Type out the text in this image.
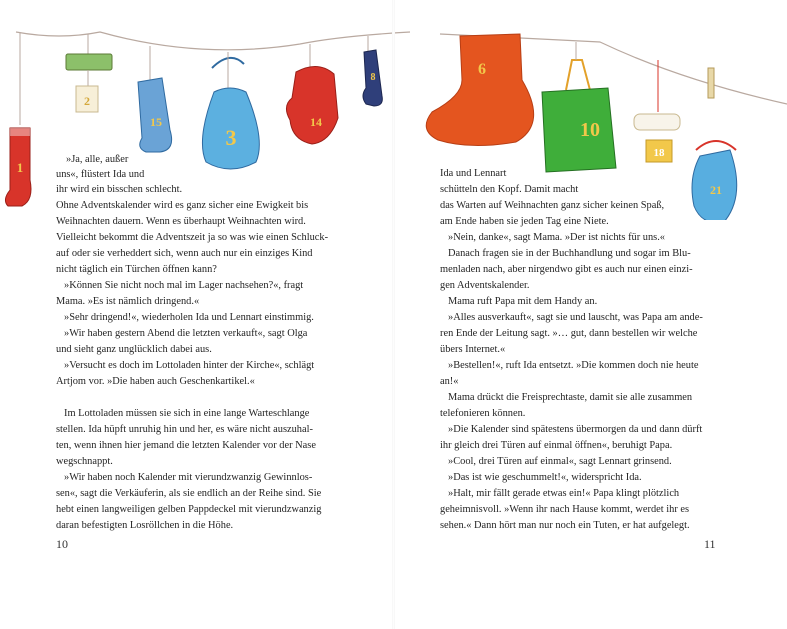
1
2
15
3
14
8	6
10
18
21
»Ja, alle, außer
uns«, flüstert Ida und
ihr wird ein bisschen schlecht.
Ohne Adventskalender wird es ganz sicher eine Ewigkeit bis
Weihnachten dauern. Wenn es überhaupt Weihnachten wird.
Vielleicht bekommt die Adventszeit ja so was wie einen Schluck-
auf oder sie verheddert sich, wenn auch nur ein einziges Kind
nicht täglich ein Türchen öffnen kann?
»Können Sie nicht noch mal im Lager nachsehen?«, fragt
Mama. »Es ist nämlich dringend.«
»Sehr dringend!«, wiederholen Ida und Lennart einstimmig.
»Wir haben gestern Abend die letzten verkauft«, sagt Olga
und sieht ganz unglücklich dabei aus.
»Versucht es doch im Lottoladen hinter der Kirche«, schlägt
Artjom vor. »Die haben auch Geschenkartikel.«
Im Lottoladen müssen sie sich in eine lange Warteschlange
stellen. Ida hüpft unruhig hin und her, es wäre nicht auszuhal-
ten, wenn ihnen hier jemand die letzten Kalender vor der Nase
wegschnappt.
»Wir haben noch Kalender mit vierundzwanzig Gewinnlos-
sen«, sagt die Verkäuferin, als sie endlich an der Reihe sind. Sie
hebt einen langweiligen gelben Pappdeckel mit vierundzwanzig
daran befestigten Losröllchen in die Höhe.
10
Ida und Lennart
schütteln den Kopf. Damit macht
das Warten auf Weihnachten ganz sicher keinen Spaß,
am Ende haben sie jeden Tag eine Niete.
»Nein, danke«, sagt Mama. »Der ist nichts für uns.«
Danach fragen sie in der Buchhandlung und sogar im Blu-
menladen nach, aber nirgendwo gibt es auch nur einen einzi-
gen Adventskalender.
Mama ruft Papa mit dem Handy an.
»Alles ausverkauft«, sagt sie und lauscht, was Papa am ande-
ren Ende der Leitung sagt. »… gut, dann bestellen wir welche
übers Internet.«
»Bestellen!«, ruft Ida entsetzt. »Die kommen doch nie heute
an!«
Mama drückt die Freisprechtaste, damit sie alle zusammen
telefonieren können.
»Die Kalender sind spätestens übermorgen da und dann dürft
ihr gleich drei Türen auf einmal öffnen«, beruhigt Papa.
»Cool, drei Türen auf einmal«, sagt Lennart grinsend.
»Das ist wie geschummelt!«, widerspricht Ida.
»Halt, mir fällt gerade etwas ein!« Papa klingt plötzlich
geheimnisvoll. »Wenn ihr nach Hause kommt, werdet ihr es
sehen.« Dann hört man nur noch ein Tuten, er hat aufgelegt.
11
